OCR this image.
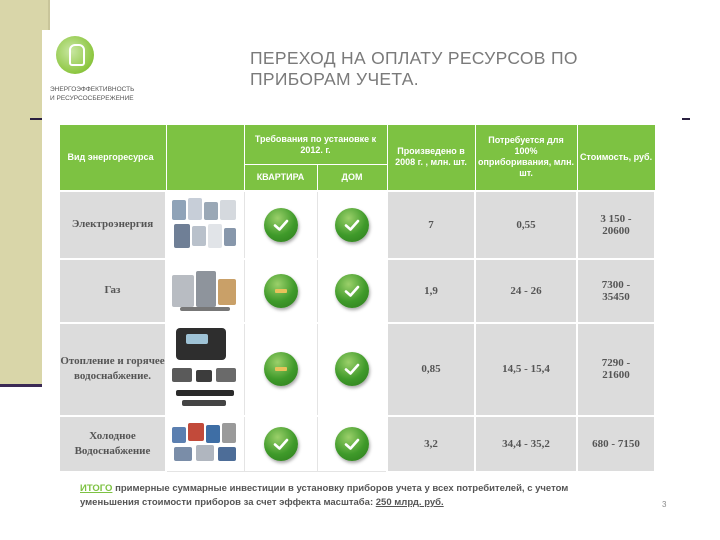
ЭНЕРГОЭФФЕКТИВНОСТЬ
И РЕСУРСОСБЕРЕЖЕНИЕ
ПЕРЕХОД НА ОПЛАТУ РЕСУРСОВ ПО
ПРИБОРАМ УЧЕТА.
Вид энергоресурса		Требования по установке к 2012. г.		Произведено в 2008 г. , млн. шт.	Потребуется для 100% оприборивания, млн. шт.	Стоимость, руб.
		КВАРТИРА	ДОМ			
Электроэнергия				7	0,55	3 150 -
20600

Газ				1,9	24 - 26	7300 -
35450

Отопление и горячее водоснабжение.				0,85	14,5 - 15,4	7290 -
21600

Холодное Водоснабжение				3,2	34,4 - 35,2	680 - 7150
ИТОГО примерные суммарные инвестиции в установку приборов учета у всех потребителей, с учетом уменьшения стоимости приборов за счет эффекта масштаба: 250 млрд. руб.	3
